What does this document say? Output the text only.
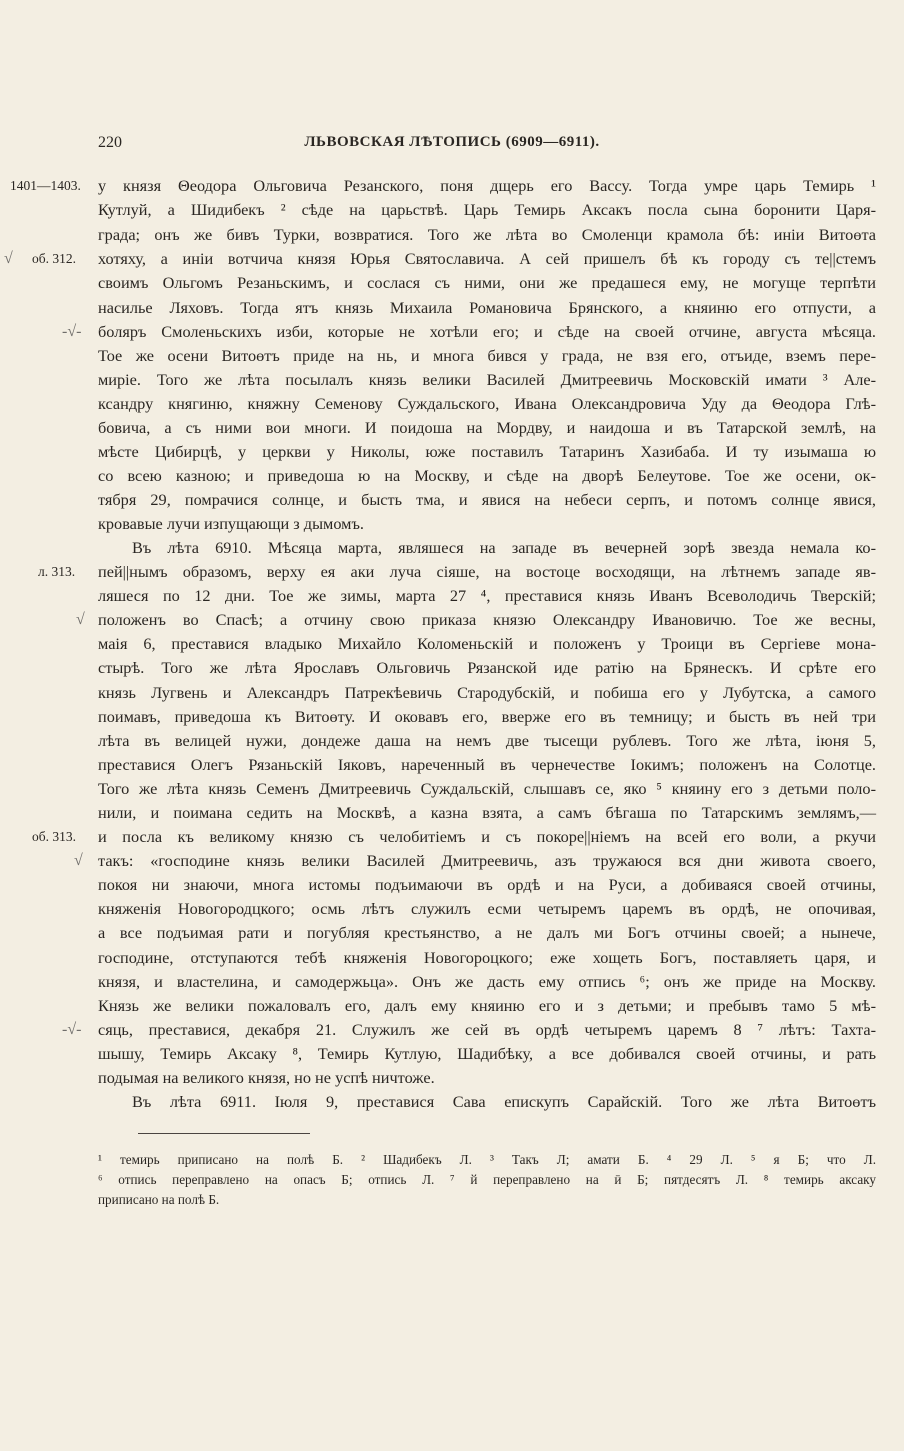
220	ЛЬВОВСКАЯ ЛѢТОПИСЬ (6909—6911).
1401—1403.
√ об. 312.
-√-
л. 313.
√
об. 313.
√
-√-
у князя Θеодора Ольговича Резанского, поня дщерь его Вассу. Тогда умре царь Темирь ¹
Кутлуй, а Шидибекъ ² сѣде на царьствѣ. Царь Темирь Аксакъ посла сына боронити Царя-
града; онъ же бивъ Турки, возвратися. Того же лѣта во Смоленци крамола бѣ: инiи Витоөта
хотяху, а инiи вотчича князя Юрья Святославича. А сей пришелъ бѣ къ городу съ те||стемъ
своимъ Ольгомъ Резаньскимъ, и сослася съ ними, они же предашеся ему, не могуще терпѣти
насилье Ляховъ. Тогда ятъ князь Михаила Романовича Брянского, а княиню его отпусти, а
боляръ Смоленьскихъ изби, которые не хотѣли его; и сѣде на своей отчине, августа мѣсяца.
Тое же осени Витоөтъ приде на нь, и многа бився у града, не взя его, отъиде, вземъ пере-
миріе. Того же лѣта посылалъ князь велики Василей Дмитреевичь Московскій имати ³ Але-
ксандру княгиню, княжну Семенову Суждальского, Ивана Олександровича Уду да Θеодора Глѣ-
бовича, а съ ними вои многи. И поидоша на Мордву, и наидоша и въ Татарской землѣ, на
мѣсте Цибирцѣ, у церкви у Николы, юже поставилъ Татаринъ Хазибаба. И ту изымаша ю
со всею казною; и приведоша ю на Москву, и сѣде на дворѣ Белеутове. Тое же осени, ок-
тября 29, помрачися солнце, и бысть тма, и явися на небеси серпъ, и потомъ солнце явися,
кровавые лучи изпущающи з дымомъ.
Въ лѣта 6910. Мѣсяца марта, являшеся на западе въ вечерней зорѣ звезда немала ко-
пей||нымъ образомъ, верху ея аки луча сіяше, на востоце восходящи, на лѣтнемъ западе яв-
ляшеся по 12 дни. Тое же зимы, марта 27 ⁴, преставися князь Иванъ Всеволодичь Тверскій;
положенъ во Спасѣ; а отчину свою приказа князю Олександру Ивановичю. Тое же весны,
маія 6, преставися владыко Михайло Коломеньскій и положенъ у Троици въ Сергіеве мона-
стырѣ. Того же лѣта Ярославъ Ольговичь Рязанской иде ратію на Брянескъ. И срѣте его
князь Лугвень и Александръ Патрекѣевичь Стародубскій, и побиша его у Лубутска, а самого
поимавъ, приведоша къ Витоөту. И оковавъ его, вверже его въ темницу; и бысть въ ней три
лѣта въ велицей нужи, дондеже даша на немъ две тысещи рублевъ. Того же лѣта, іюня 5,
преставися Олегъ Рязаньскій Іяковъ, нареченный въ чернечестве Іокимъ; положенъ на Солотце.
Того же лѣта князь Семенъ Дмитреевичь Суждальскій, слышавъ се, яко ⁵ княину его з детьми поло-
нили, и поимана седить на Москвѣ, а казна взята, а самъ бѣгаша по Татарскимъ землямъ,—
и посла къ великому князю съ челобитіемъ и съ покоре||ніемъ на всей его воли, а ркучи
такъ: «господине князь велики Василей Дмитреевичь, азъ тружаюся вся дни живота своего,
покоя ни знаючи, многа истомы подъимаючи въ ордѣ и на Руси, а добиваяся своей отчины,
княженія Новогородцкого; осмь лѣтъ служилъ есми четыремъ царемъ въ ордѣ, не опочивая,
а все подъимая рати и погубляя крестьянство, а не далъ ми Богъ отчины своей; а нынече,
господине, отступаются тебѣ княженія Новогороцкого; еже хощеть Богъ, поставляеть царя, и
князя, и властелина, и самодержьца». Онъ же дасть ему отпись ⁶; онъ же приде на Москву.
Князь же велики пожаловалъ его, далъ ему княиню его и з детьми; и пребывъ тамо 5 мѣ-
сяць, преставися, декабря 21. Служилъ же сей въ ордѣ четыремъ царемъ 8 ⁷ лѣтъ: Тахта-
шышу, Темирь Аксаку ⁸, Темирь Кутлую, Шадибѣку, а все добивался своей отчины, и рать
подымая на великого князя, но не успѣ ничтоже.
Въ лѣта 6911. Іюля 9, преставися Сава епискупъ Сарайскій. Того же лѣта Витоөтъ
¹ темирь приписано на полѣ Б. ² Шадибекъ Л. ³ Такъ Л; амати Б. ⁴ 29 Л. ⁵ я Б; что Л.
⁶ отпись переправлено на опасъ Б; отпись Л. ⁷ й переправлено на ӣ Б; пятдесятъ Л. ⁸ темирь аксаку
приписано на полѣ Б.
